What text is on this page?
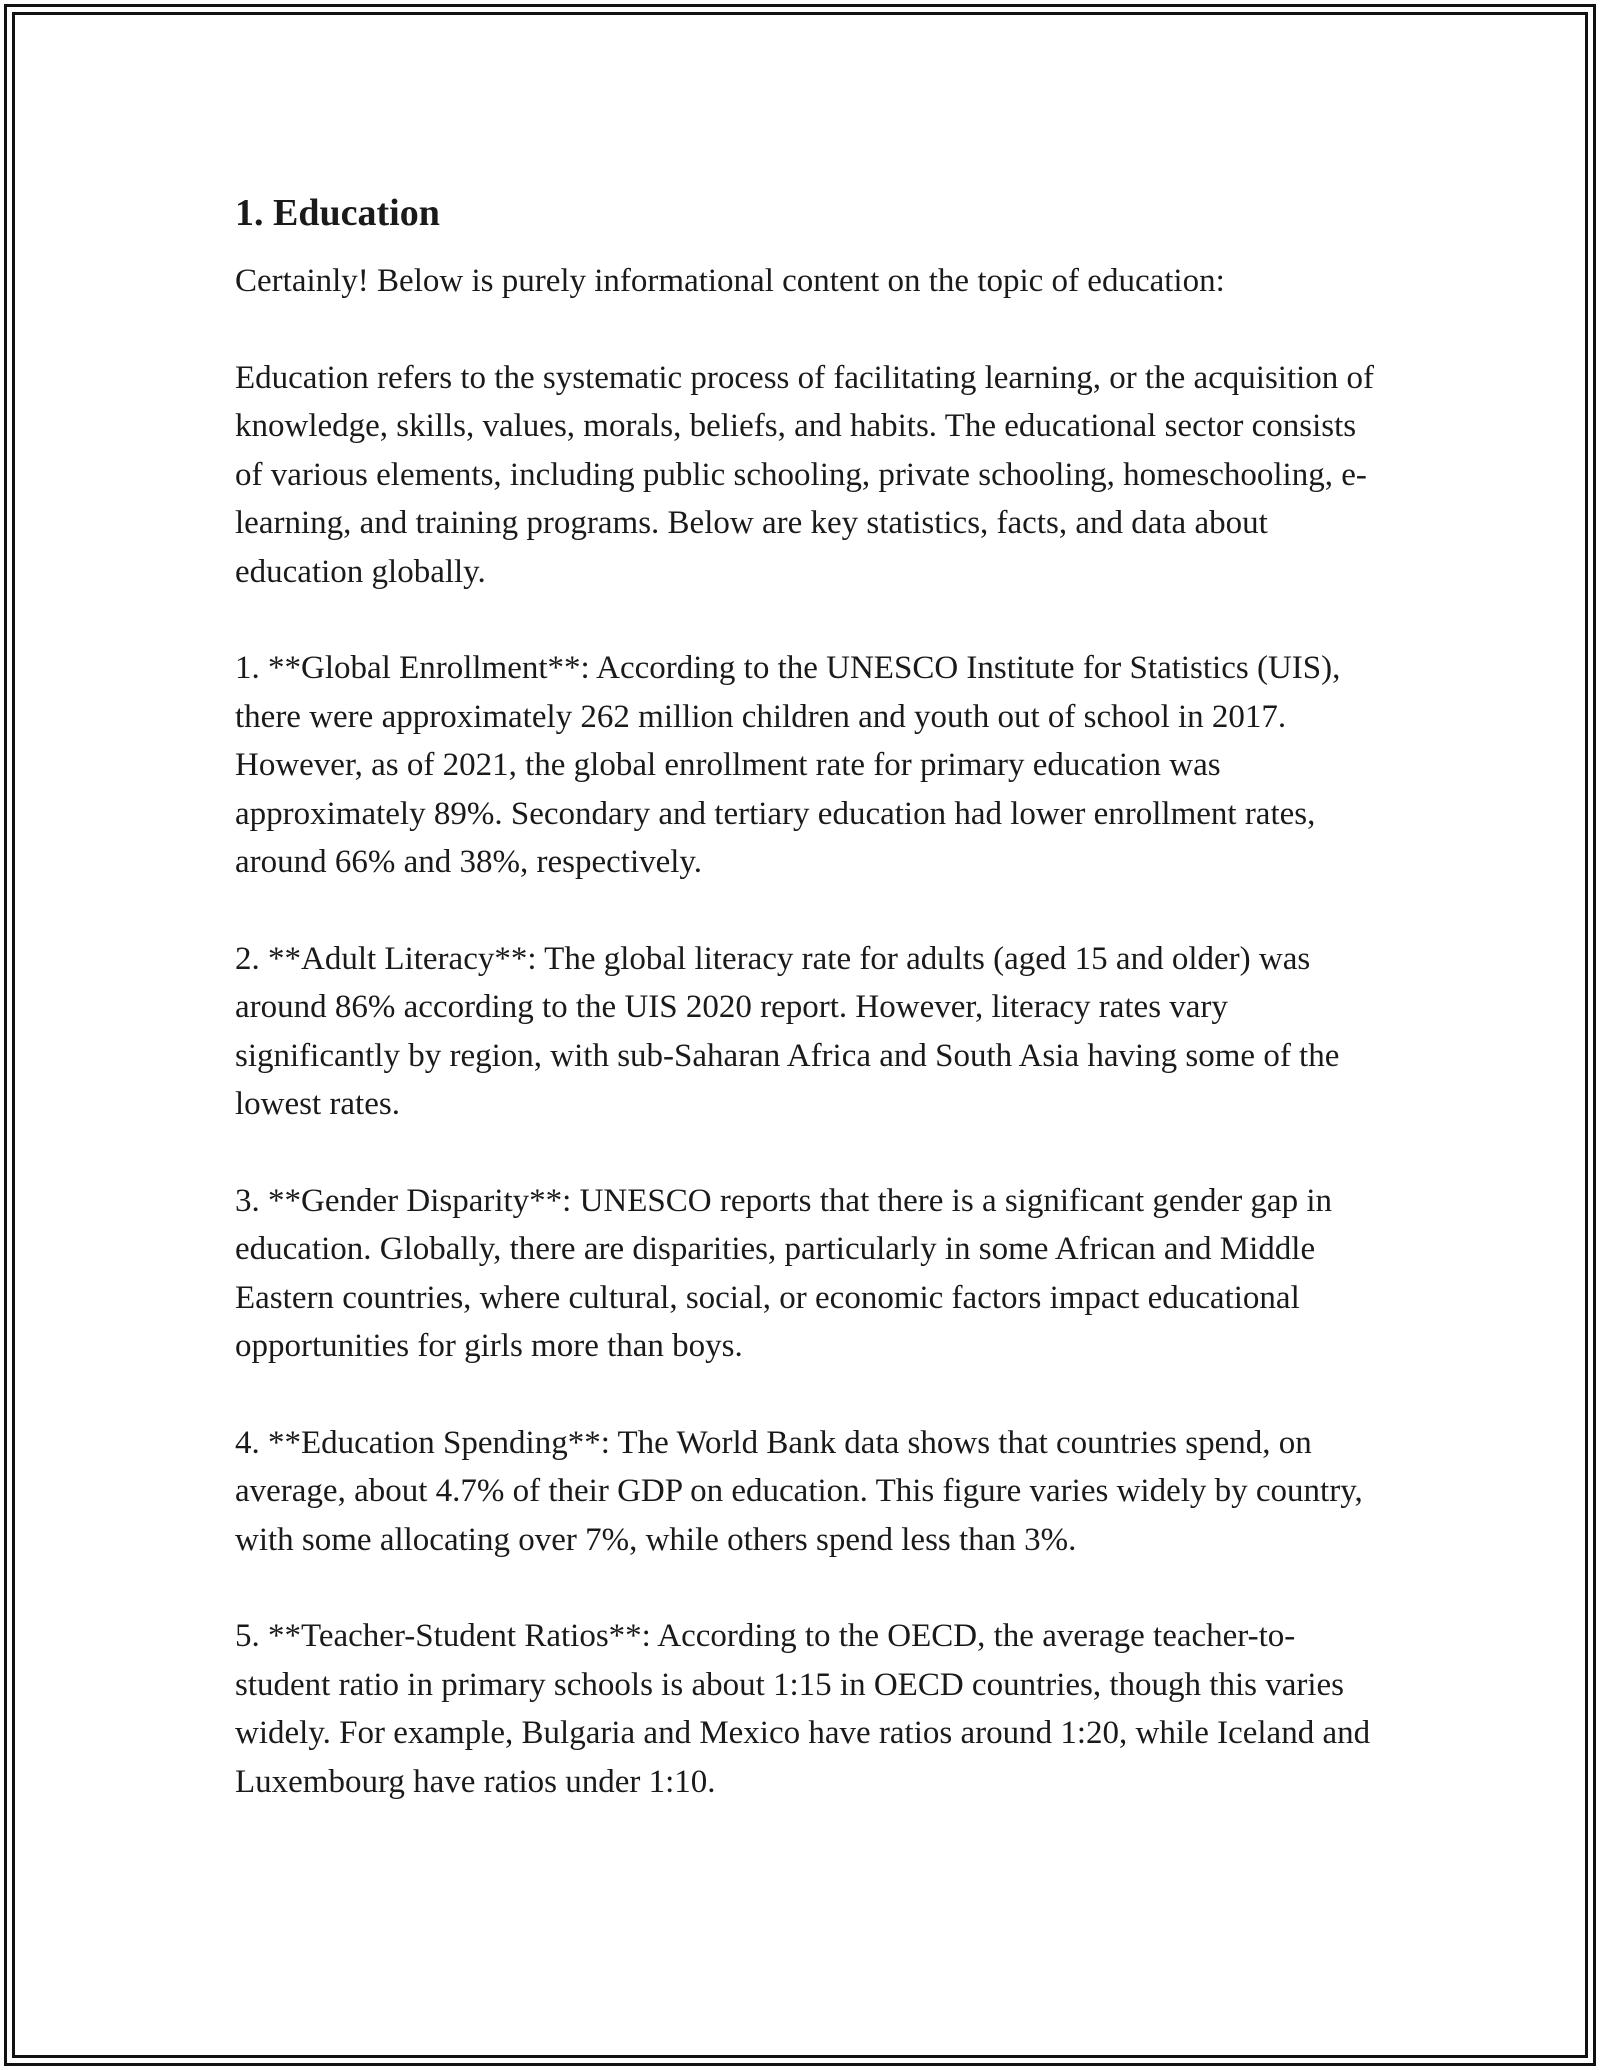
1. Education

Certainly! Below is purely informational content on the topic of education:

Education refers to the systematic process of facilitating learning, or the acquisition of knowledge, skills, values, morals, beliefs, and habits. The educational sector consists of various elements, including public schooling, private schooling, homeschooling, e-learning, and training programs. Below are key statistics, facts, and data about education globally.

1. **Global Enrollment**: According to the UNESCO Institute for Statistics (UIS), there were approximately 262 million children and youth out of school in 2017. However, as of 2021, the global enrollment rate for primary education was approximately 89%. Secondary and tertiary education had lower enrollment rates, around 66% and 38%, respectively.

2. **Adult Literacy**: The global literacy rate for adults (aged 15 and older) was around 86% according to the UIS 2020 report. However, literacy rates vary significantly by region, with sub-Saharan Africa and South Asia having some of the lowest rates.

3. **Gender Disparity**: UNESCO reports that there is a significant gender gap in education. Globally, there are disparities, particularly in some African and Middle Eastern countries, where cultural, social, or economic factors impact educational opportunities for girls more than boys.

4. **Education Spending**: The World Bank data shows that countries spend, on average, about 4.7% of their GDP on education. This figure varies widely by country, with some allocating over 7%, while others spend less than 3%.

5. **Teacher-Student Ratios**: According to the OECD, the average teacher-to-student ratio in primary schools is about 1:15 in OECD countries, though this varies widely. For example, Bulgaria and Mexico have ratios around 1:20, while Iceland and Luxembourg have ratios under 1:10.
